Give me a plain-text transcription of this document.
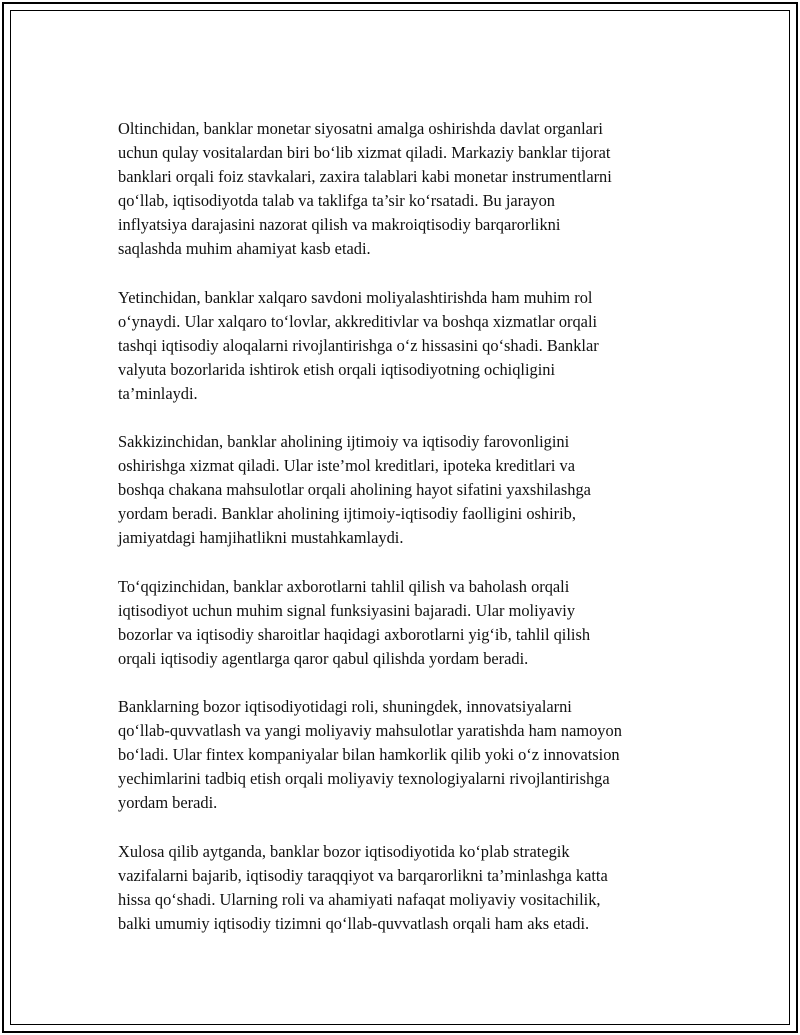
Oltinchidan, banklar monetar siyosatni amalga oshirishda davlat organlari
uchun qulay vositalardan biri bo‘lib xizmat qiladi. Markaziy banklar tijorat
banklari orqali foiz stavkalari, zaxira talablari kabi monetar instrumentlarni
qo‘llab, iqtisodiyotda talab va taklifga ta’sir ko‘rsatadi. Bu jarayon
inflyatsiya darajasini nazorat qilish va makroiqtisodiy barqarorlikni
saqlashda muhim ahamiyat kasb etadi.

Yetinchidan, banklar xalqaro savdoni moliyalashtirishda ham muhim rol
o‘ynaydi. Ular xalqaro to‘lovlar, akkreditivlar va boshqa xizmatlar orqali
tashqi iqtisodiy aloqalarni rivojlantirishga o‘z hissasini qo‘shadi. Banklar
valyuta bozorlarida ishtirok etish orqali iqtisodiyotning ochiqligini
ta’minlaydi.

Sakkizinchidan, banklar aholining ijtimoiy va iqtisodiy farovonligini
oshirishga xizmat qiladi. Ular iste’mol kreditlari, ipoteka kreditlari va
boshqa chakana mahsulotlar orqali aholining hayot sifatini yaxshilashga
yordam beradi. Banklar aholining ijtimoiy-iqtisodiy faolligini oshirib,
jamiyatdagi hamjihatlikni mustahkamlaydi.

To‘qqizinchidan, banklar axborotlarni tahlil qilish va baholash orqali
iqtisodiyot uchun muhim signal funksiyasini bajaradi. Ular moliyaviy
bozorlar va iqtisodiy sharoitlar haqidagi axborotlarni yig‘ib, tahlil qilish
orqali iqtisodiy agentlarga qaror qabul qilishda yordam beradi.

Banklarning bozor iqtisodiyotidagi roli, shuningdek, innovatsiyalarni
qo‘llab-quvvatlash va yangi moliyaviy mahsulotlar yaratishda ham namoyon
bo‘ladi. Ular fintex kompaniyalar bilan hamkorlik qilib yoki o‘z innovatsion
yechimlarini tadbiq etish orqali moliyaviy texnologiyalarni rivojlantirishga
yordam beradi.

Xulosa qilib aytganda, banklar bozor iqtisodiyotida ko‘plab strategik
vazifalarni bajarib, iqtisodiy taraqqiyot va barqarorlikni ta’minlashga katta
hissa qo‘shadi. Ularning roli va ahamiyati nafaqat moliyaviy vositachilik,
balki umumiy iqtisodiy tizimni qo‘llab-quvvatlash orqali ham aks etadi.
